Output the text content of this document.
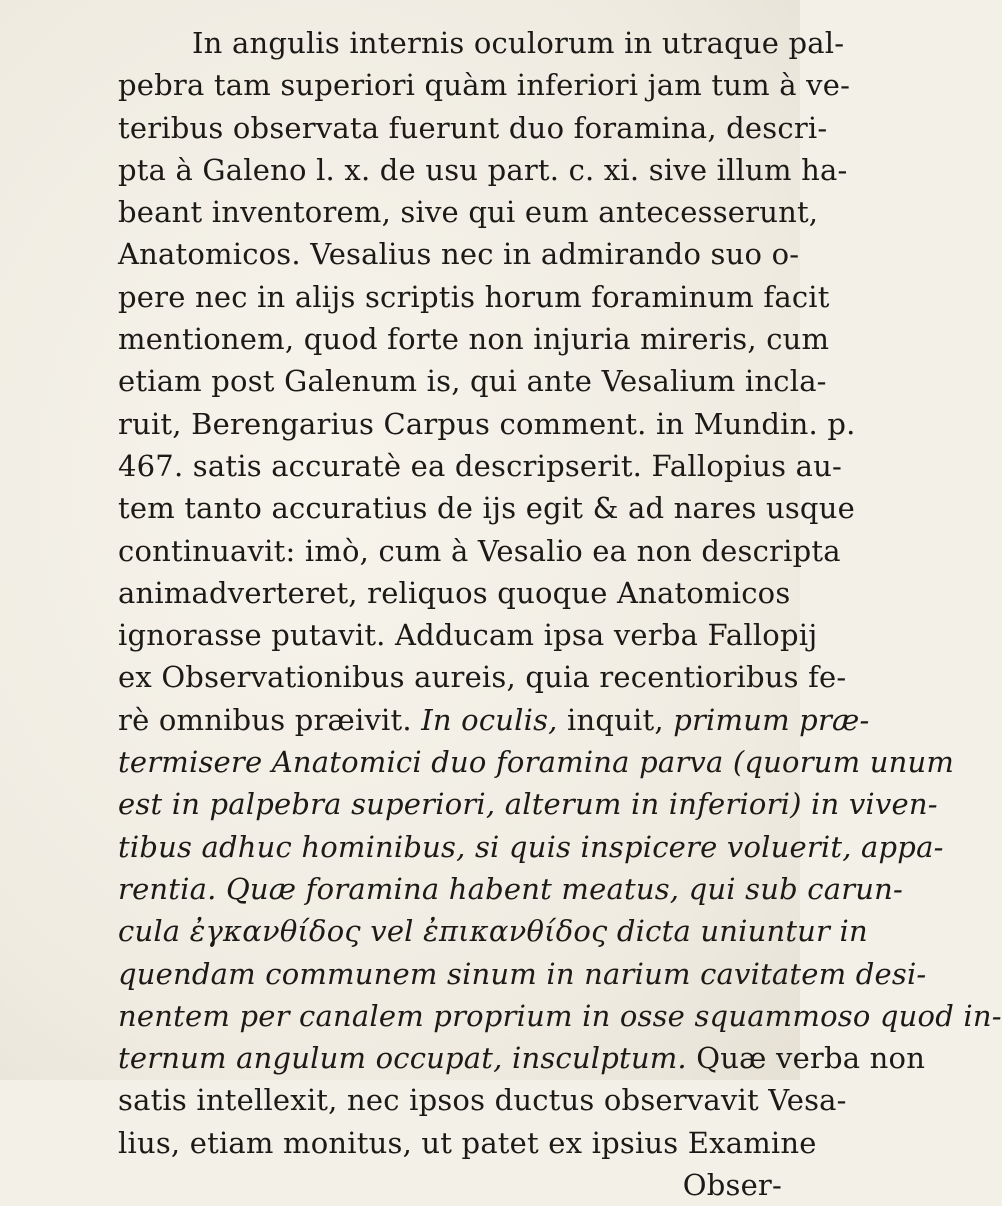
In angulis internis oculorum in utraque pal-
pebra tam superiori quàm inferiori jam tum à ve-
teribus observata fuerunt duo foramina, descri-
pta à Galeno l. x. de usu part. c. xi. sive illum ha-
beant inventorem, sive qui eum antecesserunt,
Anatomicos. Vesalius nec in admirando suo o-
pere nec in alijs scriptis horum foraminum facit
mentionem, quod forte non injuria mireris, cum
etiam post Galenum is, qui ante Vesalium incla-
ruit, Berengarius Carpus comment. in Mundin. p.
467. satis accuratè ea descripserit. Fallopius au-
tem tanto accuratius de ijs egit & ad nares usque
continuavit: imò, cum à Vesalio ea non descripta
animadverteret, reliquos quoque Anatomicos
ignorasse putavit. Adducam ipsa verba Fallopij
ex Observationibus aureis, quia recentioribus fe-
rè omnibus præivit. In oculis, inquit, primum præ-
termisere Anatomici duo foramina parva (quorum unum
est in palpebra superiori, alterum in inferiori) in viven-
tibus adhuc hominibus, si quis inspicere voluerit, appa-
rentia. Quæ foramina habent meatus, qui sub carun-
cula ἐγκανθίδος vel ἐπικανθίδος dicta uniuntur in
quendam communem sinum in narium cavitatem desi-
nentem per canalem proprium in osse squammoso quod in-
ternum angulum occupat, insculptum. Quæ verba non
satis intellexit, nec ipsos ductus observavit Vesa-
lius, etiam monitus, ut patet ex ipsius Examine
Obser-
